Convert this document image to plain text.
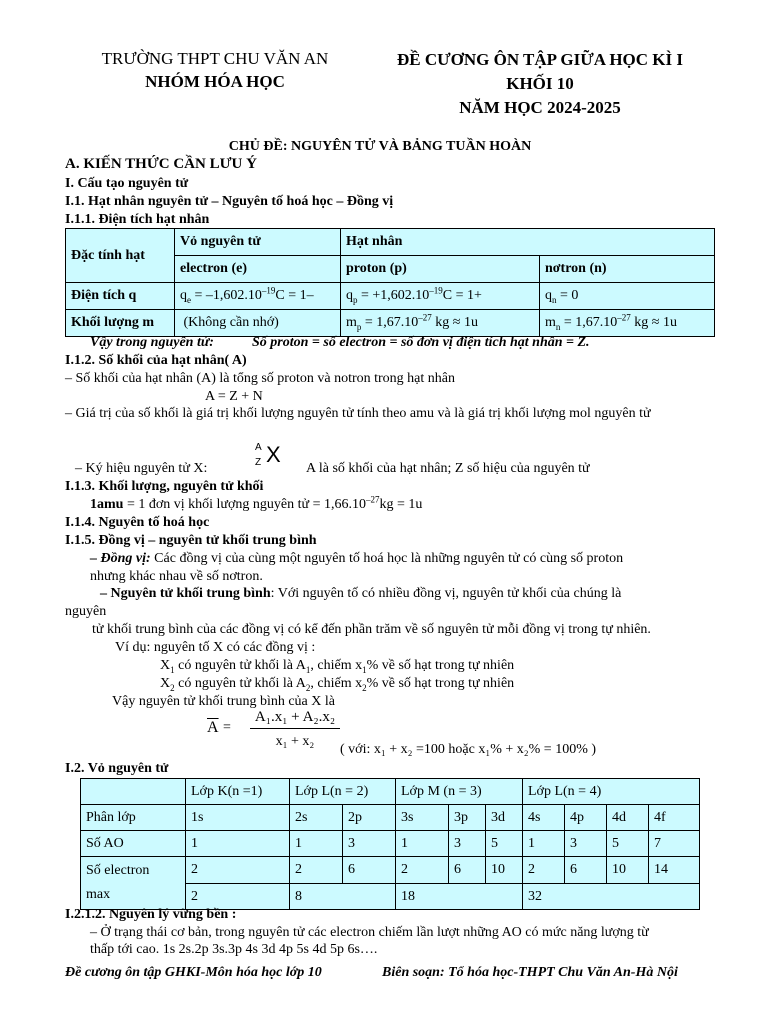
TRƯỜNG THPT CHU VĂN AN
NHÓM HÓA HỌC
ĐỀ CƯƠNG ÔN TẬP GIỮA HỌC KÌ I
KHỐI 10
NĂM HỌC 2024-2025
CHỦ ĐỀ: NGUYÊN TỬ VÀ BẢNG TUẦN HOÀN
A. KIẾN THỨC CẦN LƯU Ý
I. Cấu tạo nguyên tử
I.1. Hạt nhân nguyên tử – Nguyên tố hoá học – Đồng vị
I.1.1. Điện tích hạt nhân
Đặc tính hạt	Vỏ nguyên tử	Hạt nhân	
	electron (e)	proton (p)	nơtron (n)
Điện tích q	$q_e = -1,602.10^{-19}C = 1-$	$q_p = +1,602.10^{-19}C = 1+$	$q_n = 0$
Khối lượng m	(Không cần nhớ)	$m_p = 1,67.10^{-27}$ kg ≈ 1u	$m_n = 1,67.10^{-27}$ kg ≈ 1u
Vậy trong nguyên tử:	Số proton = số electron = số đơn vị điện tích hạt nhân = Z.
I.1.2. Số khối của hạt nhân( A)
– Số khối của hạt nhân (A) là tổng số proton và notron trong hạt nhân
A = Z + N
– Giá trị của số khối là giá trị khối lượng nguyên tử tính theo amu và là giá trị khối lượng mol nguyên tử
– Ký hiệu nguyên tử X:
A
Z X
A là số khối của hạt nhân; Z số hiệu của nguyên tử
I.1.3. Khối lượng, nguyên tử khối
1amu = 1 đơn vị khối lượng nguyên tử = $1,66.10^{-27}kg = 1u$
I.1.4. Nguyên tố hoá học
I.1.5. Đồng vị – nguyên tử khối trung bình
– Đồng vị: Các đồng vị của cùng một nguyên tố hoá học là những nguyên tử có cùng số proton
nhưng khác nhau về số nơtron.
– Nguyên tử khối trung bình: Với nguyên tố có nhiều đồng vị, nguyên tử khối của chúng là
nguyên
tử khối trung bình của các đồng vị có kể đến phần trăm về số nguyên tử mỗi đồng vị trong tự nhiên.
Ví dụ: nguyên tố X có các đồng vị :
$X_1$ có nguyên tử khối là $A_1$, chiếm $x_1\%$ về số hạt trong tự nhiên
$X_2$ có nguyên tử khối là $A_2$, chiếm $x_2\%$ về số hạt trong tự nhiên
Vậy nguyên tử khối trung bình của X là
$\overline{A}$ =
A₁.x₁ + A₂.x₂
x₁ + x₂
( với: x₁ + x₂ =100 hoặc x₁% + x₂% = 100% )
I.2. Vỏ nguyên tử
	Lớp K(n =1)	Lớp L(n = 2)		Lớp M (n = 3)			Lớp L(n = 4)			
Phân lớp	1s	2s	2p	3s	3p	3d	4s	4p	4d	4f
Số AO	1	1	3	1	3	5	1	3	5	7
Số electron
max	2	2	6	2	6	10	2	6	10	14
	2	8		18			32			
I.2.1.2. Nguyên lý vững bền :
– Ở trạng thái cơ bản, trong nguyên tử các electron chiếm lần lượt những AO có mức năng lượng từ
thấp tới cao. 1s 2s.2p 3s.3p 4s 3d 4p 5s 4d 5p 6s….
Đề cương ôn tập GHKI-Môn hóa học lớp 10	Biên soạn: Tổ hóa học-THPT Chu Văn An-Hà Nội
